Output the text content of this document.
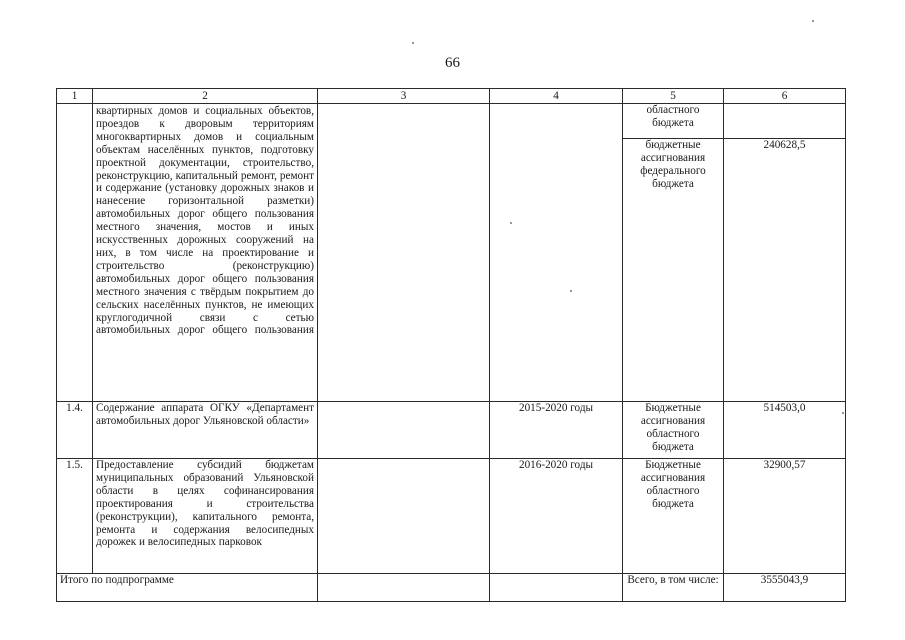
66
1	2	3	4	5	6
	квартирных домов и социальных объектов, проездов к дворовым территориям многоквартирных домов и социальным объектам населённых пунктов, подготовку проектной документации, строительство, реконструкцию, капитальный ремонт, ремонт и содержание (установку дорожных знаков и нанесение горизонтальной разметки) автомобильных дорог общего пользования местного значения, мостов и иных искусственных дорожных сооружений на них, в том числе на проектирование и строительство (реконструкцию) автомобильных дорог общего пользования местного значения с твёрдым покрытием до сельских населённых пунктов, не имеющих круглогодичной связи с сетью автомобильных дорог общего пользования			областного бюджета	
				бюджетные ассигнования федерального бюджета	240628,5
1.4.	Содержание аппарата ОГКУ «Департамент автомобильных дорог Ульяновской области»		2015-2020 годы	Бюджетные ассигнования областного бюджета	514503,0
1.5.	Предоставление субсидий бюджетам муниципальных образований Ульяновской области в целях софинансирования проектирования и строительства (реконструкции), капитального ремонта, ремонта и содержания велосипедных дорожек и велосипедных парковок		2016-2020 годы	Бюджетные ассигнования областного бюджета	32900,57
Итого по подпрограмме				Всего, в том числе:	3555043,9
